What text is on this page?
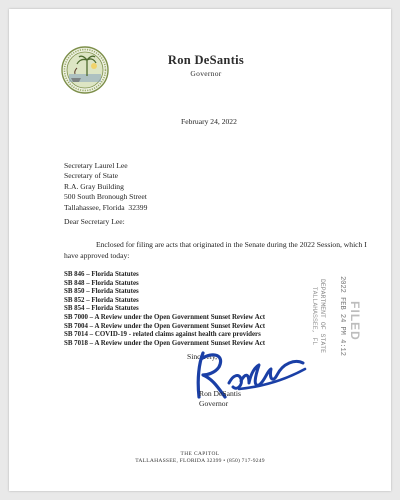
Ron DeSantis
Governor
February 24, 2022
Secretary Laurel Lee
Secretary of State
R.A. Gray Building
500 South Bronough Street
Tallahassee, Florida  32399
Dear Secretary Lee:

Enclosed for filing are acts that originated in the Senate during the 2022 Session, which I have approved today:

SB 846 – Florida Statutes
SB 848 – Florida Statutes
SB 850 – Florida Statutes
SB 852 – Florida Statutes
SB 854 – Florida Statutes
SB 7000 – A Review under the Open Government Sunset Review Act
SB 7004 – A Review under the Open Government Sunset Review Act
SB 7014 – COVID-19 - related claims against health care providers
SB 7018 – A Review under the Open Government Sunset Review Act
FILED
2022 FEB 24 PM 4:12
DEPARTMENT OF STATE
TALLAHASSEE, FL
Sincerely,
Ron DeSantis
Governor
THE CAPITOL
TALLAHASSEE, FLORIDA 32399 • (850) 717-9249
